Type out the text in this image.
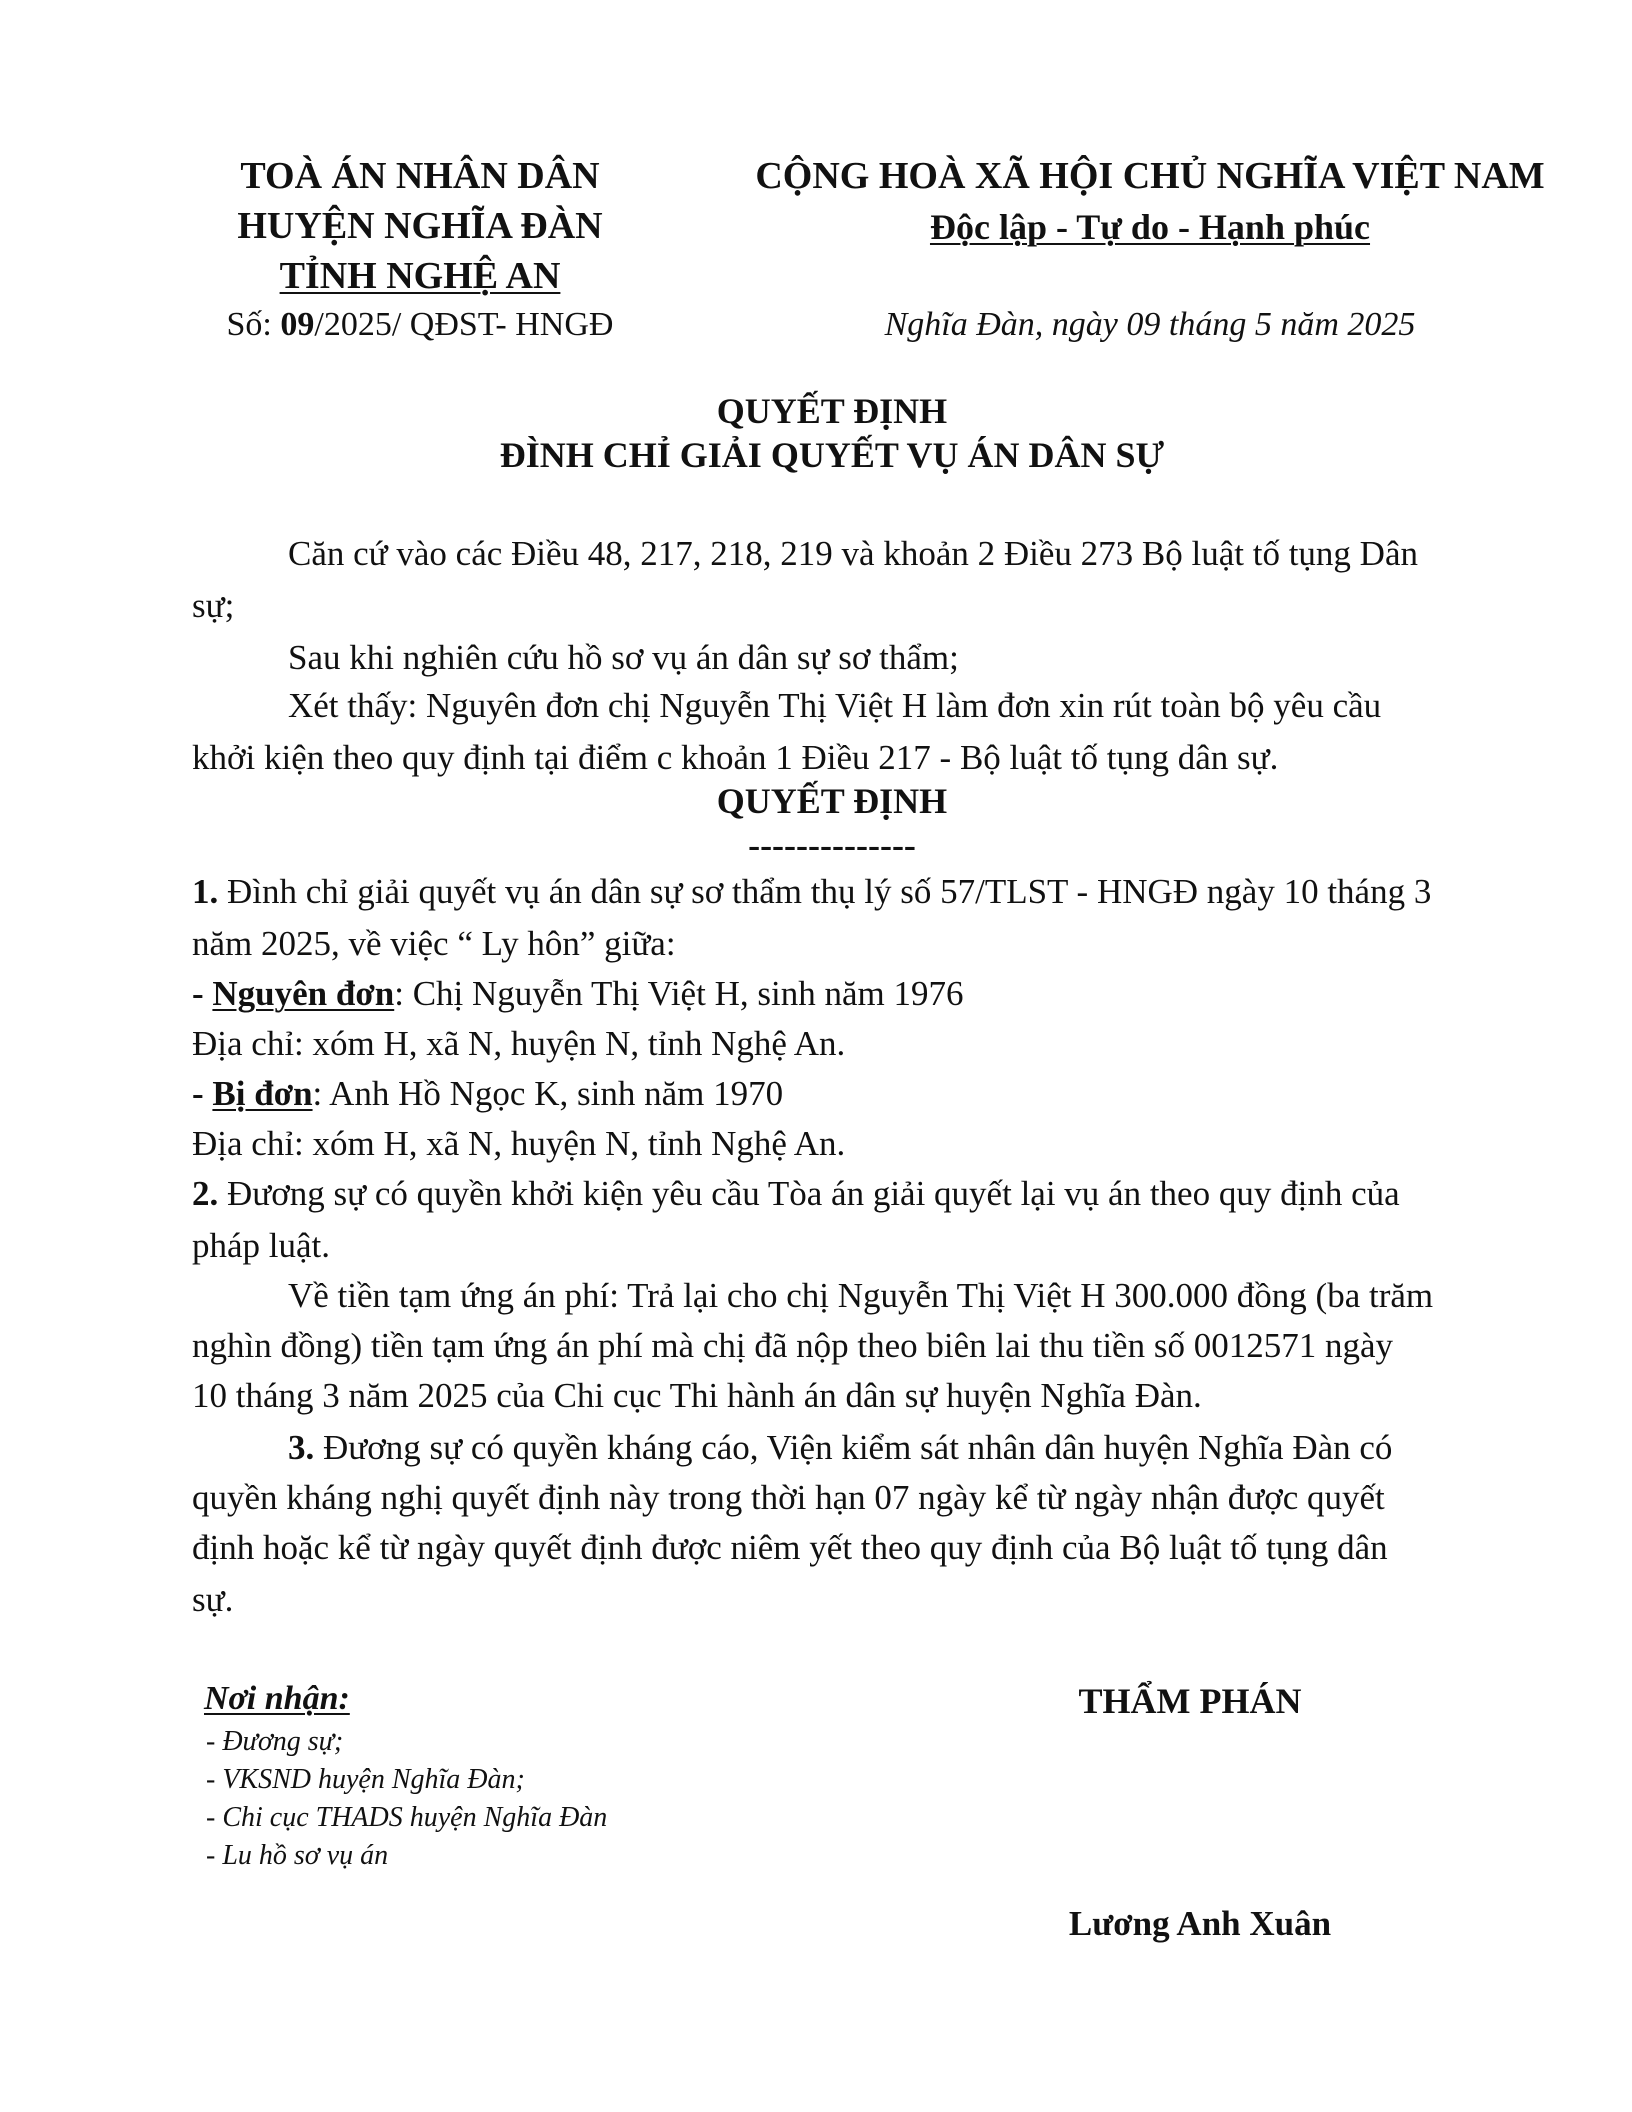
TOÀ ÁN NHÂN DÂN
HUYỆN NGHĨA ĐÀN
TỈNH NGHỆ AN
Số: 09/2025/ QĐST- HNGĐ
CỘNG HOÀ XÃ HỘI CHỦ NGHĨA VIỆT NAM
Độc lập - Tự do - Hạnh phúc
Nghĩa Đàn, ngày 09 tháng 5 năm 2025
QUYẾT ĐỊNH
ĐÌNH CHỈ GIẢI QUYẾT VỤ ÁN DÂN SỰ
Căn cứ vào các Điều 48, 217, 218, 219 và khoản 2 Điều 273 Bộ luật tố tụng Dân
sự;
Sau khi nghiên cứu hồ sơ vụ án dân sự sơ thẩm;
Xét thấy: Nguyên đơn chị Nguyễn Thị Việt H làm đơn xin rút toàn bộ yêu cầu
khởi kiện theo quy định tại điểm c khoản 1 Điều 217 - Bộ luật tố tụng dân sự.
QUYẾT ĐỊNH
--------------
1. Đình chỉ giải quyết vụ án dân sự sơ thẩm thụ lý số 57/TLST - HNGĐ ngày 10 tháng 3
năm 2025, về việc “ Ly hôn” giữa:
- Nguyên đơn: Chị Nguyễn Thị Việt H, sinh năm 1976
Địa chỉ: xóm H, xã N, huyện N, tỉnh Nghệ An.
- Bị đơn: Anh Hồ Ngọc K, sinh năm 1970
Địa chỉ: xóm H, xã N, huyện N, tỉnh Nghệ An.
2. Đương sự có quyền khởi kiện yêu cầu Tòa án giải quyết lại vụ án theo quy định của
pháp luật.
Về tiền tạm ứng án phí: Trả lại cho chị Nguyễn Thị Việt H 300.000 đồng (ba trăm
nghìn đồng) tiền tạm ứng án phí mà chị đã nộp theo biên lai thu tiền số 0012571 ngày
10 tháng 3 năm 2025 của Chi cục Thi hành án dân sự huyện Nghĩa Đàn.
3. Đương sự có quyền kháng cáo, Viện kiểm sát nhân dân huyện Nghĩa Đàn có
quyền kháng nghị quyết định này trong thời hạn 07 ngày kể từ ngày nhận được quyết
định hoặc kể từ ngày quyết định được niêm yết theo quy định của Bộ luật tố tụng dân
sự.
Nơi nhận:
- Đương sự;
- VKSND huyện Nghĩa Đàn;
- Chi cục THADS huyện Nghĩa Đàn
- Lu hồ sơ vụ án
THẨM PHÁN
Lương Anh Xuân
